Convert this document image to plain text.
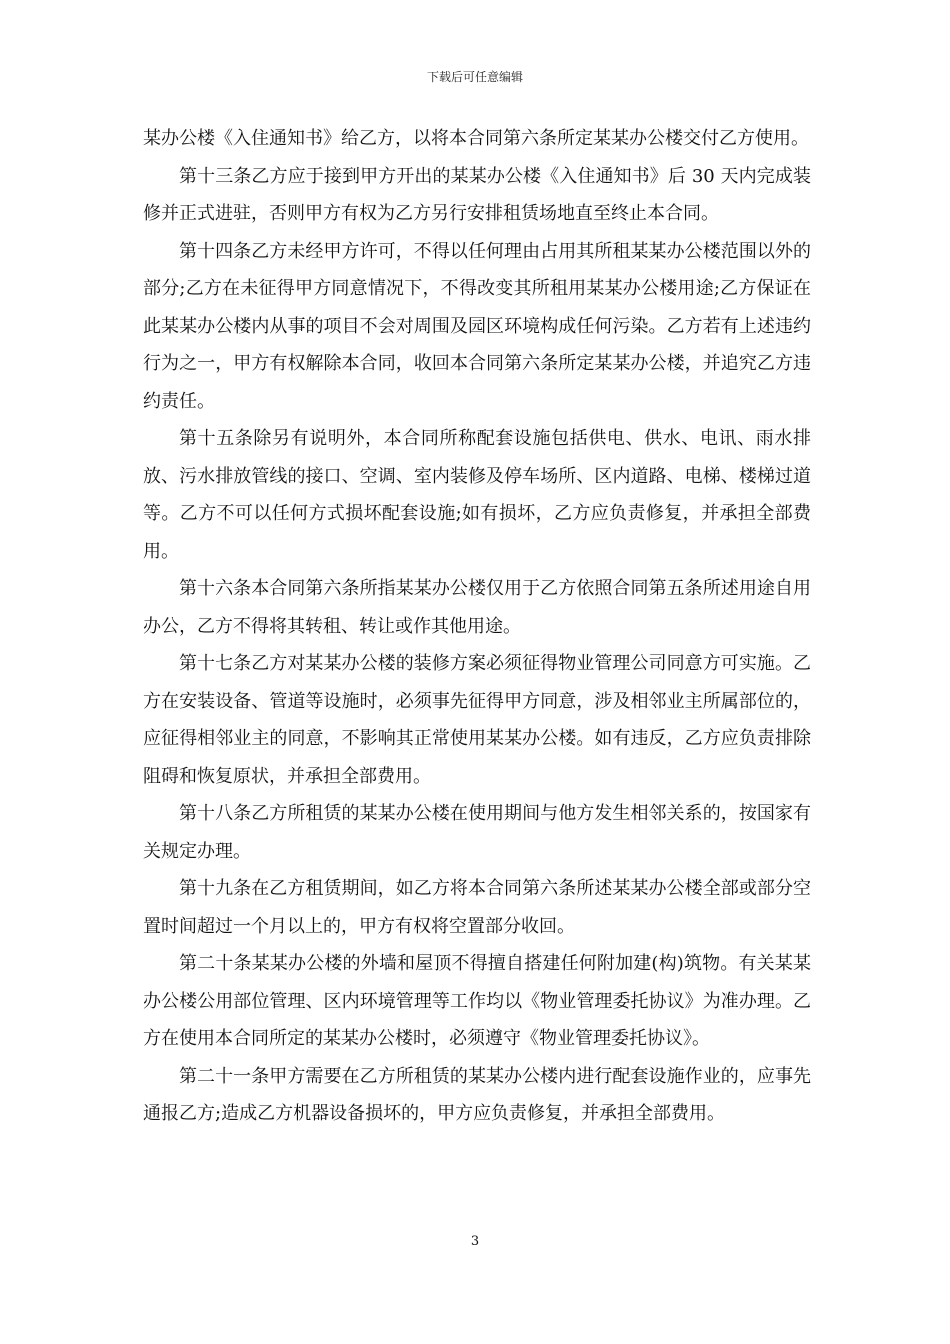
下载后可任意编辑

某办公楼《入住通知书》给乙方，以将本合同第六条所定某某办公楼交付乙方使用。

第十三条乙方应于接到甲方开出的某某办公楼《入住通知书》后 30 天内完成装修并正式进驻，否则甲方有权为乙方另行安排租赁场地直至终止本合同。

第十四条乙方未经甲方许可，不得以任何理由占用其所租某某办公楼范围以外的部分;乙方在未征得甲方同意情况下，不得改变其所租用某某办公楼用途;乙方保证在此某某办公楼内从事的项目不会对周围及园区环境构成任何污染。乙方若有上述违约行为之一，甲方有权解除本合同，收回本合同第六条所定某某办公楼，并追究乙方违约责任。

第十五条除另有说明外，本合同所称配套设施包括供电、供水、电讯、雨水排放、污水排放管线的接口、空调、室内装修及停车场所、区内道路、电梯、楼梯过道等。乙方不可以任何方式损坏配套设施;如有损坏，乙方应负责修复，并承担全部费用。

第十六条本合同第六条所指某某办公楼仅用于乙方依照合同第五条所述用途自用办公，乙方不得将其转租、转让或作其他用途。

第十七条乙方对某某办公楼的装修方案必须征得物业管理公司同意方可实施。乙方在安装设备、管道等设施时，必须事先征得甲方同意，涉及相邻业主所属部位的，应征得相邻业主的同意，不影响其正常使用某某办公楼。如有违反，乙方应负责排除阻碍和恢复原状，并承担全部费用。

第十八条乙方所租赁的某某办公楼在使用期间与他方发生相邻关系的，按国家有关规定办理。

第十九条在乙方租赁期间，如乙方将本合同第六条所述某某办公楼全部或部分空置时间超过一个月以上的，甲方有权将空置部分收回。

第二十条某某办公楼的外墙和屋顶不得擅自搭建任何附加建(构)筑物。有关某某办公楼公用部位管理、区内环境管理等工作均以《物业管理委托协议》为准办理。乙方在使用本合同所定的某某办公楼时，必须遵守《物业管理委托协议》。

第二十一条甲方需要在乙方所租赁的某某办公楼内进行配套设施作业的，应事先通报乙方;造成乙方机器设备损坏的，甲方应负责修复，并承担全部费用。

3
